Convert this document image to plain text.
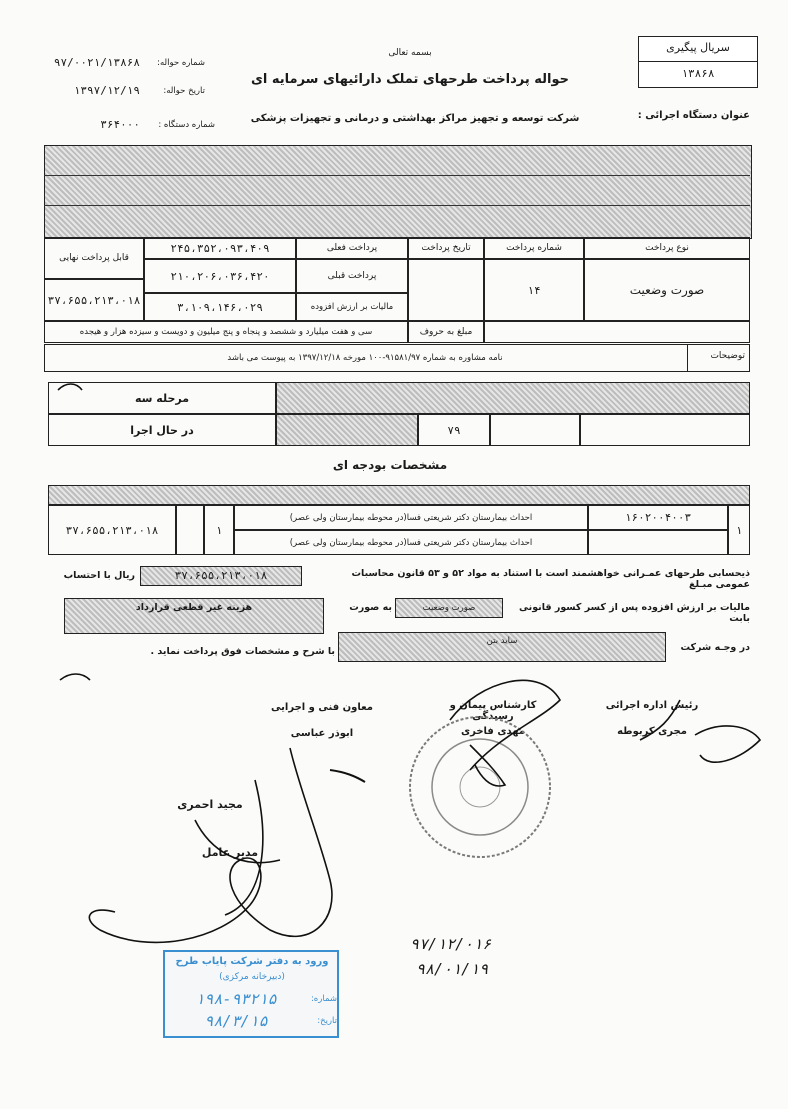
سریال پیگیری
۱۳۸۶۸
بسمه تعالی
حواله پرداخت طرحهای تملک دارائیهای سرمایه ای
شرکت توسعه و تجهیز مراکز بهداشتی و درمانی و تجهیزات پزشکی	عنوان دستگاه اجرائی :
شماره حواله:
۹۷/۰۰۲۱/۱۳۸۶۸
تاریخ حواله:
۱۳۹۷/۱۲/۱۹
شماره دستگاه :
۳۶۴۰۰۰
نوع پرداخت
صورت وضعیت
شماره پرداخت
۱۴
تاریخ پرداخت
پرداخت فعلی
پرداخت قبلی
مالیات بر ارزش افزوده
۲۴۵،۳۵۲،۰۹۳،۴۰۹
۲۱۰،۲۰۶،۰۳۶،۴۲۰
۳،۱۰۹،۱۴۶،۰۲۹
قابل پرداخت نهایی
۳۷،۶۵۵،۲۱۳،۰۱۸
مبلغ به حروف
سی و هفت میلیارد و ششصد و پنجاه و پنج میلیون و دویست و سیزده هزار و هیجده
توضیحات
نامه مشاوره به شماره ۹۱۵۸۱/۹۷-۱۰۰ مورخه ۱۳۹۷/۱۲/۱۸ به پیوست می باشد
۷۹
مرحله سه
در حال اجرا
مشخصات بودجه ای
۱
۱۶۰۲۰۰۴۰۰۳
احداث بیمارستان دکتر شریعتی فسا(در محوطه بیمارستان ولی عصر)
احداث بیمارستان دکتر شریعتی فسا(در محوطه بیمارستان ولی عصر)
۱
۳۷،۶۵۵،۲۱۳،۰۱۸
ذیحسابی طرحهای عمـرانی خواهشمند است با استناد به مواد ۵۲ و ۵۳ قانون محاسبات عمومی مبـلغ
۳۷،۶۵۵،۲۱۳،۰۱۸
ریال با احتساب
مالیات بر ارزش افزوده پس از کسر کسور قانونی بابت
صورت وضعیت
به صورت
هزینه غیر قطعی قرارداد
در وجـه شرکت
ساید بتن
با شرح و مشخصات فوق پرداخت نماید .
رئیس اداره اجرائی
مجری کربوطه
کارشناس پیمان و رسیدگی
مهدی فاخری
معاون فنی و اجرایی
ابوذر عباسی
مجید احمری
مدیر عامل
۹۷/۱۲/۰۱۶
۹۸/۰۱/۱۹
ورود به دفتر شرکت پایاب طرح
(دبیرخانه مرکزی)
شماره:
۱۹۸-۹۳۲۱۵
تاریخ:
۹۸/۳/۱۵
